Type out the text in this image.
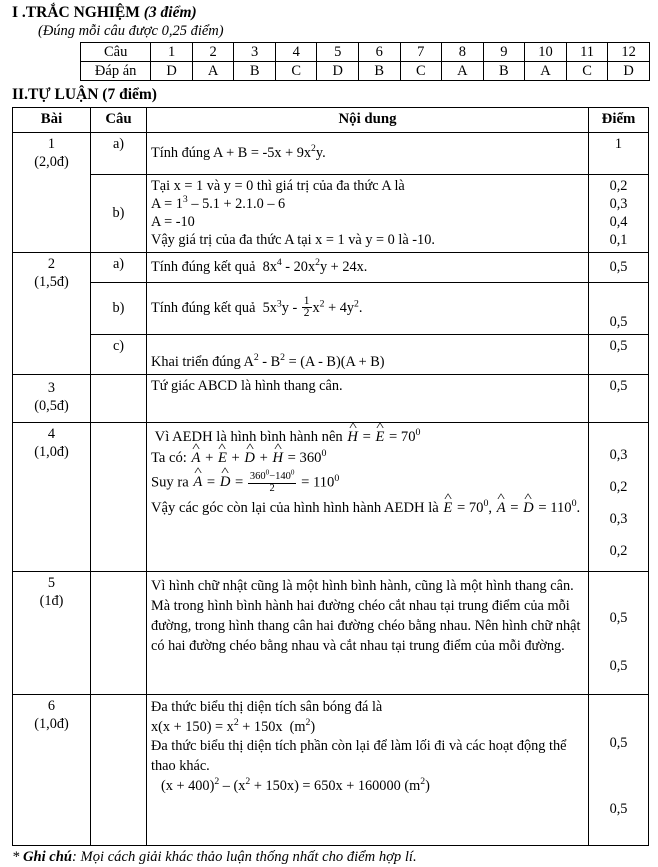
I .TRẮC NGHIỆM (3 điểm)
(Đúng mỗi câu được 0,25 điểm)
Câu	1	2	3	4	5	6	7	8	9	10	11	12
Đáp án	D	A	B	C	D	B	C	A	B	A	C	D
II.TỰ LUẬN (7 điểm)
Bài	Câu	Nội dung	Điểm
1
(2,0đ)	a)	Tính đúng $A + B = -5x + 9x^2y$.	1
	b)	Tại x = 1 và y = 0 thì giá trị của đa thức A là
$A = 1^3 - 5.1 + 2.1.0 - 6$
A = -10
Vậy giá trị của đa thức A tại x = 1 và y = 0 là -10.	0,2
0,3
0,4
0,1

2
(1,5đ)	a)	Tính đúng kết quả  $8x^4 - 20x^2y + 24x$.	0,5
	b)	Tính đúng kết quả  $5x^3y - \frac{1}{2} x^2 + 4y^2$.	0,5
	c)	Khai triển đúng $A^2 - B^2 = (A - B)(A + B)$	0,5
3
(0,5đ)		Tứ giác ABCD là hình thang cân.	0,5
4
(1,0đ)		
Vì AEDH là hình bình hành nên ^ H = ^ $E = 70^0$
Ta có: ^ A + ^ E + ^ D + ^ $H = 360^0$
Suy ra ^ A = ^ $D = \frac{360^0-140^0}{2} = 110^0$
Vậy các góc còn lại của hình hình hành AEDH là ^ $E = 70^0$, ^ A = ^ $D = 110^0$.

0,3
0,2
0,3
0,2

5
(1đ)		Vì hình chữ nhật cũng là một hình bình hành, cũng là một hình thang cân. Mà trong hình bình hành hai đường chéo cắt nhau tại trung điểm của mỗi đường, trong hình thang cân hai đường chéo bằng nhau. Nên hình chữ nhật có hai đường chéo bằng nhau và cắt nhau tại trung điểm của mỗi đường.	0,5
0,5

6
(1,0đ)		Đa thức biểu thị diện tích sân bóng đá là
$x(x + 150) = x^2 + 150x$  $(m^2)$
Đa thức biểu thị diện tích phần còn lại để làm lối đi và các hoạt động thể thao khác.
$(x + 400)^2 - (x^2 + 150x) = 650x + 160000$ $(m^2)$	0,5
0,5
* Ghi chú: Mọi cách giải khác thảo luận thống nhất cho điểm hợp lí.
